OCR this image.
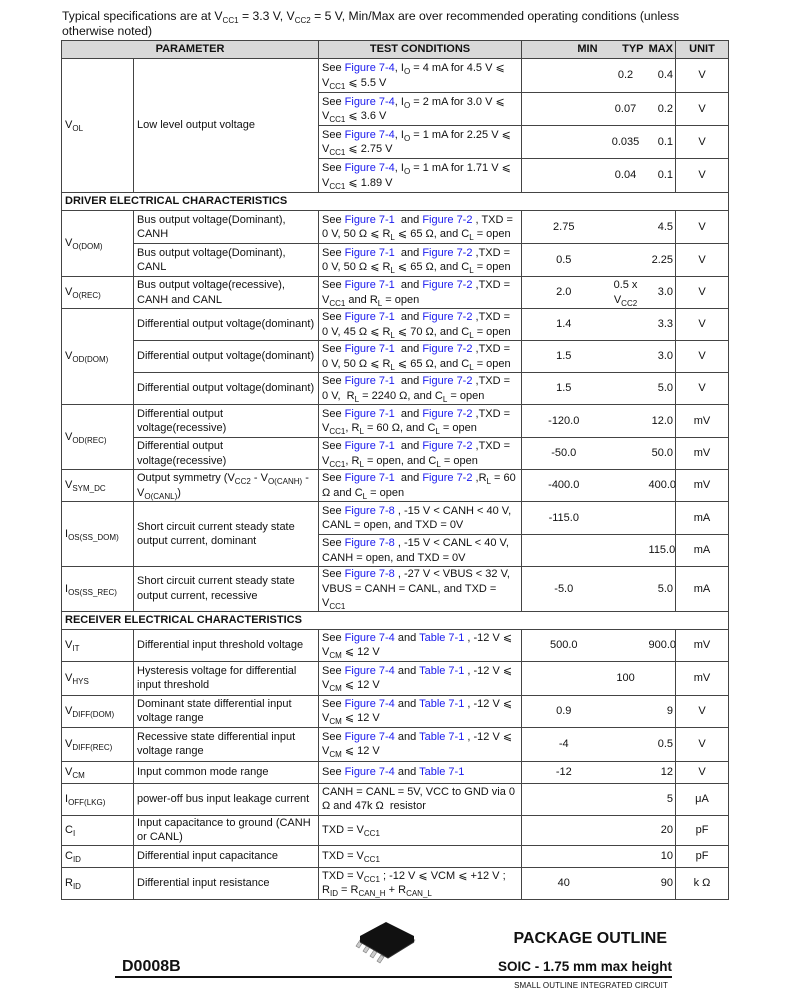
Typical specifications are at $V_{CC1} = 3.3$ V, $V_{CC2} = 5$ V, Min/Max are over recommended operating conditions (unless otherwise noted)
PARAMETER		TEST CONDITIONS	MIN	TYP	MAX	UNIT
$V_{OL}$	Low level output voltage	See Figure 7-4, $I_O = 4$ mA for 4.5 V ⩽ $V_{CC1}$ ⩽ 5.5 V		0.2	0.4	V
		See Figure 7-4, $I_O = 2$ mA for 3.0 V ⩽ $V_{CC1}$ ⩽ 3.6 V		0.07	0.2	V
		See Figure 7-4, $I_O = 1$ mA for 2.25 V ⩽ $V_{CC1}$ ⩽ 2.75 V		0.035	0.1	V
		See Figure 7-4, $I_O = 1$ mA for 1.71 V ⩽ $V_{CC1}$ ⩽ 1.89 V		0.04	0.1	V
DRIVER ELECTRICAL CHARACTERISTICS						
$V_{O(DOM)}$	Bus output voltage(Dominant), CANH	See Figure 7-1  and Figure 7-2 , TXD = 0 V, 50 Ω ⩽ $R_L$ ⩽ 65 Ω, and $C_L$ = open	2.75		4.5	V
	Bus output voltage(Dominant), CANL	See Figure 7-1  and Figure 7-2 ,TXD = 0 V, 50 Ω ⩽ $R_L$ ⩽ 65 Ω, and $C_L$ = open	0.5		2.25	V
$V_{O(REC)}$	Bus output voltage(recessive), CANH and CANL	See Figure 7-1  and Figure 7-2 $,TXD = V_{CC1}$ and $R_L$ = open	2.0	0.5 x $V_{CC2}$	3.0	V
$V_{OD(DOM)}$	Differential output voltage(dominant)	See Figure 7-1  and Figure 7-2 ,TXD = 0 V, 45 Ω ⩽ $R_L$ ⩽ 70 Ω, and $C_L$ = open	1.4		3.3	V
	Differential output voltage(dominant)	See Figure 7-1  and Figure 7-2 ,TXD = 0 V, 50 Ω ⩽ $R_L$ ⩽ 65 Ω, and $C_L$ = open	1.5		3.0	V
	Differential output voltage(dominant)	See Figure 7-1  and Figure 7-2 ,TXD = 0 V,  $R_L = 2240$ Ω, and $C_L$ = open	1.5		5.0	V
$V_{OD(REC)}$	Differential output voltage(recessive)	See Figure 7-1  and Figure 7-2 $,TXD = V_{CC1}$, $R_L = 60$ Ω, and $C_L$ = open	-120.0		12.0	mV
	Differential output voltage(recessive)	See Figure 7-1  and Figure 7-2 $,TXD = V_{CC1}$, $R_L$ = open, and $C_L$ = open	-50.0		50.0	mV
$V_{SYM\_DC}$	Output symmetry $(V_{CC2} - V_{O(CANH)} - V_{O(CANL)})$	See Figure 7-1  and Figure 7-2 $,R_L = 60$ Ω and $C_L$ = open	-400.0		400.0	mV
$I_{OS(SS\_DOM)}$	Short circuit current steady state output current, dominant	See Figure 7-8 , -15 V < CANH < 40 V, CANL = open, and TXD = 0V	-115.0			mA
		See Figure 7-8 , -15 V < CANL < 40 V, CANH = open, and TXD = 0V			115.0	mA
$I_{OS(SS\_REC)}$	Short circuit current steady state output current, recessive	See Figure 7-8 , -27 V < VBUS < 32 V, VBUS = CANH = CANL, and TXD = $V_{CC1}$	-5.0		5.0	mA
RECEIVER ELECTRICAL CHARACTERISTICS						
$V_{IT}$	Differential input threshold voltage	See Figure 7-4 and Table 7-1 , -12 V ⩽ $V_{CM}$ ⩽ 12 V	500.0		900.0	mV
$V_{HYS}$	Hysteresis voltage for differential input threshold	See Figure 7-4 and Table 7-1 , -12 V ⩽ $V_{CM}$ ⩽ 12 V		100		mV
$V_{DIFF(DOM)}$	Dominant state differential input voltage range	See Figure 7-4 and Table 7-1 , -12 V ⩽ $V_{CM}$ ⩽ 12 V	0.9		9	V
$V_{DIFF(REC)}$	Recessive state differential input voltage range	See Figure 7-4 and Table 7-1 , -12 V ⩽ $V_{CM}$ ⩽ 12 V	-4		0.5	V
$V_{CM}$	Input common mode range	See Figure 7-4 and Table 7-1	-12		12	V
$I_{OFF(LKG)}$	power-off bus input leakage current	CANH = CANL = 5V, VCC to GND via 0 Ω and 47k Ω  resistor			5	μA
$C_I$	Input capacitance to ground (CANH or CANL)	TXD = $V_{CC1}$			20	pF
$C_{ID}$	Differential input capacitance	TXD = $V_{CC1}$			10	pF
$R_{ID}$	Differential input resistance	TXD = $V_{CC1}$ ; -12 V ⩽ VCM ⩽ +12 V ; $R_{ID} = R_{CAN\_H} + R_{CAN\_L}$	40		90	k Ω
PACKAGE OUTLINE
D0008B	SOIC - 1.75 mm max height
SMALL OUTLINE INTEGRATED CIRCUIT
